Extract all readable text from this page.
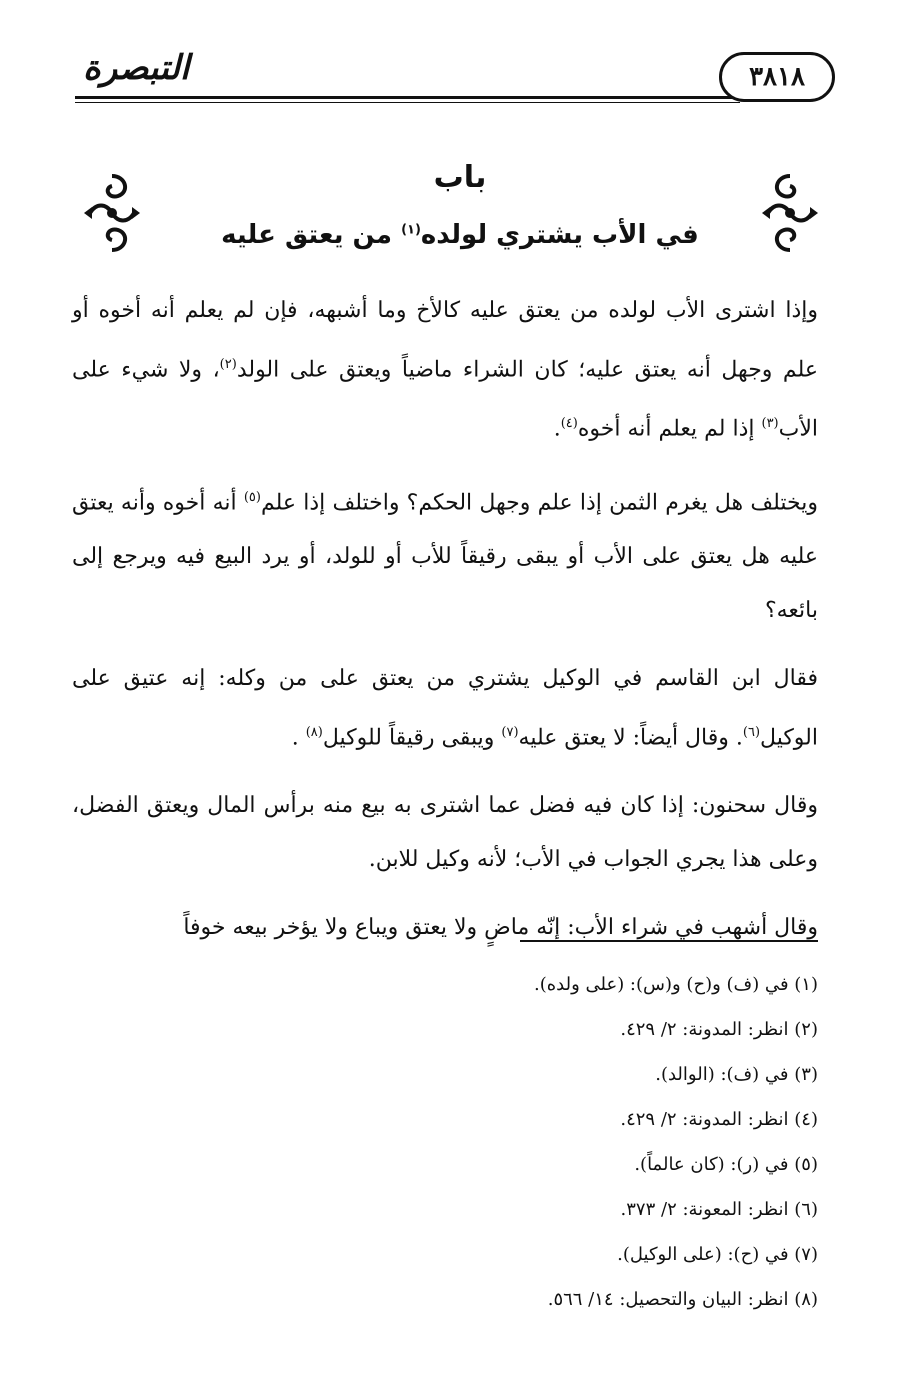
التبصرة	٣٨١٨
باب
في الأب يشتري لولده$^{(١)}$ من يعتق عليه

وإذا اشترى الأب لولده من يعتق عليه كالأخ وما أشبهه، فإن لم يعلم أنه أخوه أو علم وجهل أنه يعتق عليه؛ كان الشراء ماضياً ويعتق على الولد$^{(٢)}$، ولا شيء على الأب$^{(٣)}$ إذا لم يعلم أنه أخوه$^{(٤)}$.

ويختلف هل يغرم الثمن إذا علم وجهل الحكم؟ واختلف إذا علم$^{(٥)}$ أنه أخوه وأنه يعتق عليه هل يعتق على الأب أو يبقى رقيقاً للأب أو للولد، أو يرد البيع فيه ويرجع إلى بائعه؟

فقال ابن القاسم في الوكيل يشتري من يعتق على من وكله: إنه عتيق على الوكيل$^{(٦)}$. وقال أيضاً: لا يعتق عليه$^{(٧)}$ ويبقى رقيقاً للوكيل$^{(٨)}$ .

وقال سحنون: إذا كان فيه فضل عما اشترى به بيع منه برأس المال ويعتق الفضل، وعلى هذا يجري الجواب في الأب؛ لأنه وكيل للابن.

وقال أشهب في شراء الأب: إنّه ماضٍ ولا يعتق ويباع ولا يؤخر بيعه خوفاً

(١) في (ف) و(ح) و(س): (على ولده).

(٢) انظر: المدونة: ٢/ ٤٢٩.

(٣) في (ف): (الوالد).

(٤) انظر: المدونة: ٢/ ٤٢٩.

(٥) في (ر): (كان عالماً).

(٦) انظر: المعونة: ٢/ ٣٧٣.

(٧) في (ح): (على الوكيل).

(٨) انظر: البيان والتحصيل: ١٤/ ٥٦٦.
